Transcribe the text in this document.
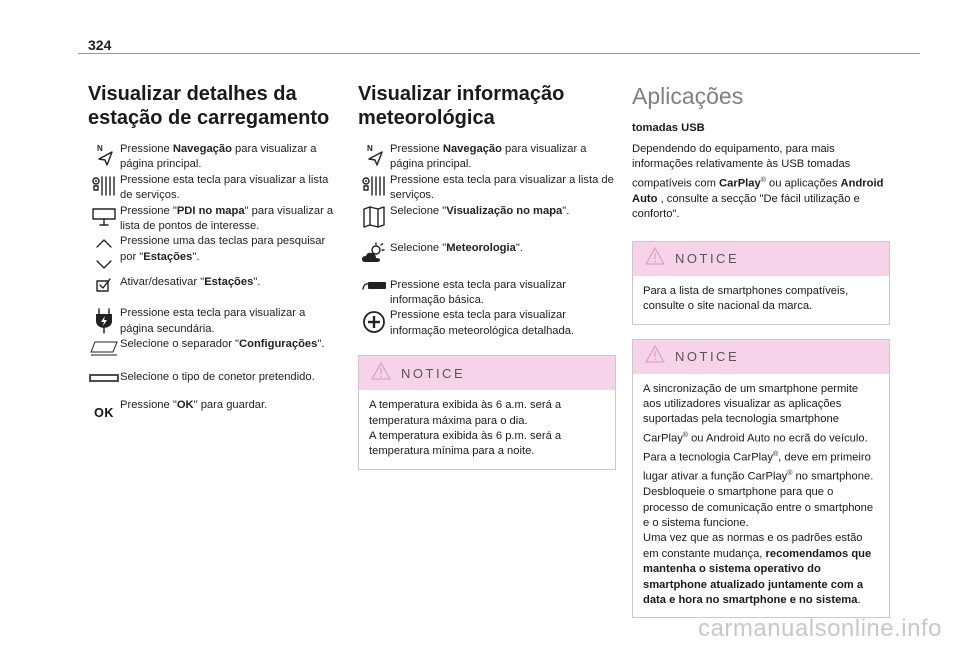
324
Visualizar detalhes da
estação de carregamento
N Pressione Navegação para visualizar a página principal.
Pressione esta tecla para visualizar a lista de serviços.
Pressione "PDI no mapa" para visualizar a lista de pontos de interesse.
Pressione uma das teclas para pesquisar por "Estações".
Ativar/desativar "Estações".
Pressione esta tecla para visualizar a página secundária.
Selecione o separador "Configurações".
Selecione o tipo de conetor pretendido.
OK
Pressione "OK" para guardar.
Visualizar informação
meteorológica
N Pressione Navegação para visualizar a página principal.
Pressione esta tecla para visualizar a lista de serviços.
Selecione "Visualização no mapa".
Selecione "Meteorologia".
Pressione esta tecla para visualizar informação básica.
Pressione esta tecla para visualizar informação meteorológica detalhada.
NOTICE
A temperatura exibida às 6 a.m. será a temperatura máxima para o dia.
A temperatura exibida às 6 p.m. será a temperatura mínima para a noite.
Aplicações
tomadas USB

Dependendo do equipamento, para mais informações relativamente às USB tomadas compatíveis com CarPlay® ou aplicações Android Auto , consulte a secção "De fácil utilização e conforto".

NOTICE
Para a lista de smartphones compatíveis, consulte o site nacional da marca.
NOTICE
A sincronização de um smartphone permite aos utilizadores visualizar as aplicações suportadas pela tecnologia smartphone CarPlay® ou Android Auto no ecrã do veículo. Para a tecnologia CarPlay®, deve em primeiro lugar ativar a função CarPlay® no smartphone.
Desbloqueie o smartphone para que o processo de comunicação entre o smartphone e o sistema funcione.
Uma vez que as normas e os padrões estão em constante mudança, recomendamos que mantenha o sistema operativo do smartphone atualizado juntamente com a data e hora no smartphone e no sistema.
carmanualsonline.info
